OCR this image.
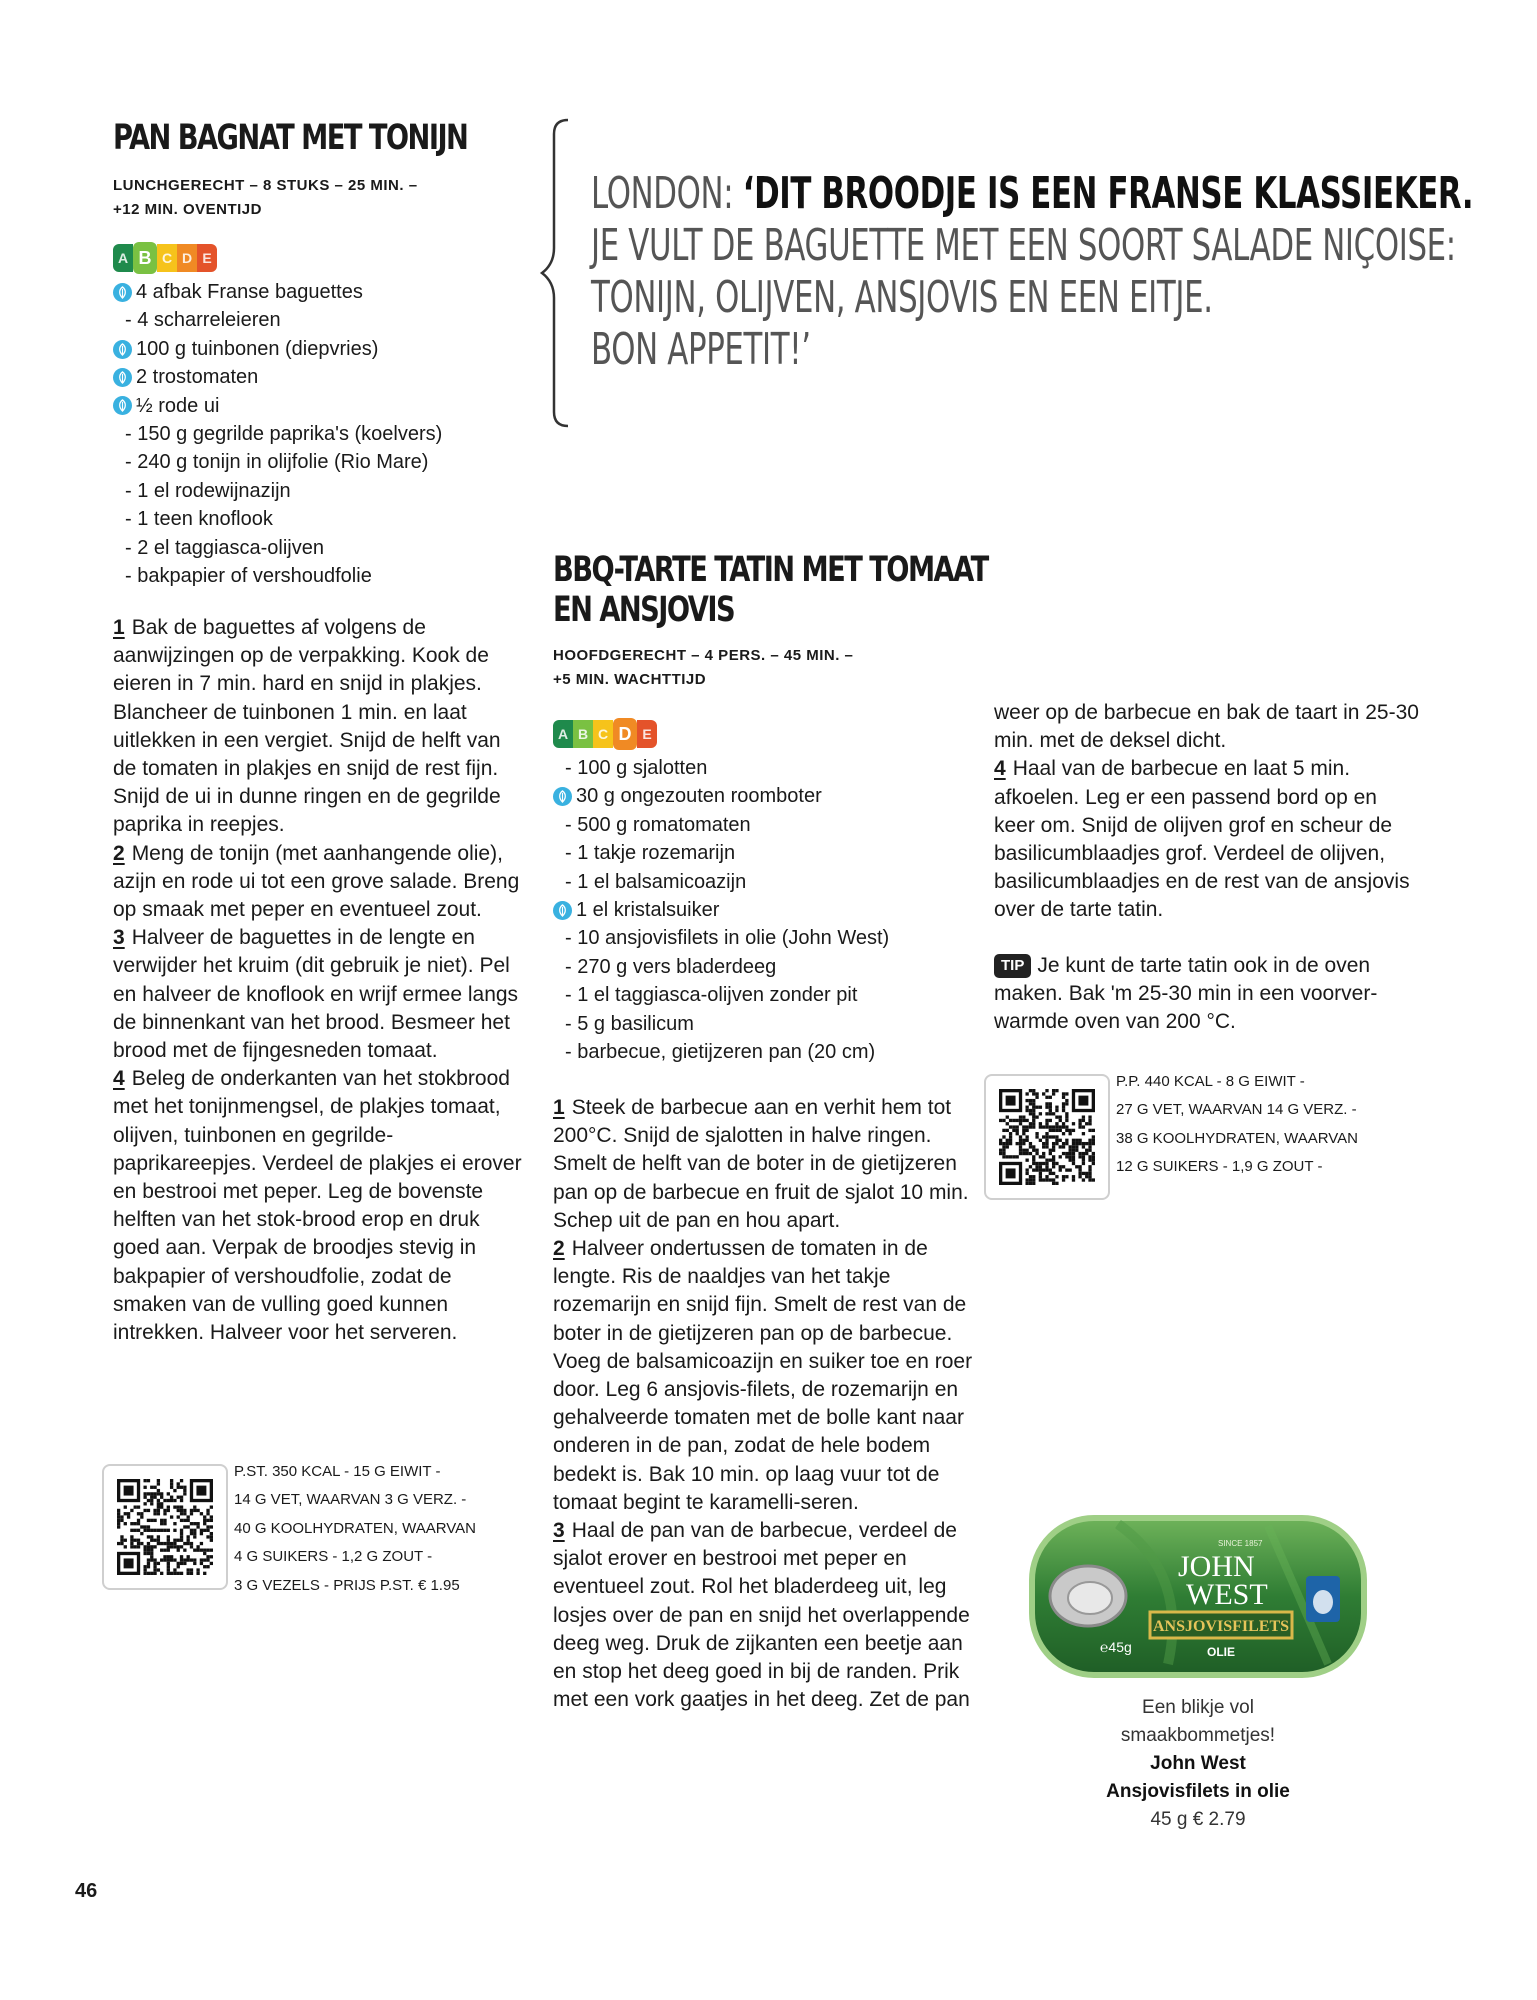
PAN BAGNAT MET TONIJN
LUNCHGERECHT – 8 STUKS – 25 MIN. –
+12 MIN. OVENTIJD
A B C D E
4 afbak Franse baguettes
- 4 scharreleieren
100 g tuinbonen (diepvries)
2 trostomaten
½ rode ui
- 150 g gegrilde paprika's (koelvers)
- 240 g tonijn in olijfolie (Rio Mare)
- 1 el rodewijnazijn
- 1 teen knoflook
- 2 el taggiasca-olijven
- bakpapier of vershoudfolie

1 Bak de baguettes af volgens de aanwijzingen op de verpakking. Kook de eieren in 7 min. hard en snijd in plakjes. Blancheer de tuinbonen 1 min. en laat uitlekken in een vergiet. Snijd de helft van de tomaten in plakjes en snijd de rest fijn. Snijd de ui in dunne ringen en de gegrilde paprika in reepjes.

2 Meng de tonijn (met aanhangende olie), azijn en rode ui tot een grove salade. Breng op smaak met peper en eventueel zout.

3 Halveer de baguettes in de lengte en verwijder het kruim (dit gebruik je niet). Pel en halveer de knoflook en wrijf ermee langs de binnenkant van het brood. Besmeer het brood met de fijngesneden tomaat.

4 Beleg de onderkanten van het stokbrood met het tonijnmengsel, de plakjes tomaat, olijven, tuinbonen en gegrilde-paprikareepjes. Verdeel de plakjes ei erover en bestrooi met peper. Leg de bovenste helften van het stok-brood erop en druk goed aan. Verpak de broodjes stevig in bakpapier of vershoudfolie, zodat de smaken van de vulling goed kunnen intrekken. Halveer voor het serveren.

P.ST. 350 KCAL - 15 G EIWIT -
14 G VET, WAARVAN 3 G VERZ. -
40 G KOOLHYDRATEN, WAARVAN
4 G SUIKERS - 1,2 G ZOUT -
3 G VEZELS - PRIJS P.ST. € 1.95
LONDON: ‘DIT BROODJE IS EEN FRANSE KLASSIEKER.
JE VULT DE BAGUETTE MET EEN SOORT SALADE NIÇOISE:
TONIJN, OLIJVEN, ANSJOVIS EN EEN EITJE.
BON APPETIT!’
BBQ-TARTE TATIN MET TOMAAT
EN ANSJOVIS
HOOFDGERECHT – 4 PERS. – 45 MIN. –
+5 MIN. WACHTTIJD
A B C D E
- 100 g sjalotten
30 g ongezouten roomboter
- 500 g romatomaten
- 1 takje rozemarijn
- 1 el balsamicoazijn
1 el kristalsuiker
- 10 ansjovisfilets in olie (John West)
- 270 g vers bladerdeeg
- 1 el taggiasca-olijven zonder pit
- 5 g basilicum
- barbecue, gietijzeren pan (20 cm)

1 Steek de barbecue aan en verhit hem tot 200°C. Snijd de sjalotten in halve ringen. Smelt de helft van de boter in de gietijzeren pan op de barbecue en fruit de sjalot 10 min. Schep uit de pan en hou apart.

2 Halveer ondertussen de tomaten in de lengte. Ris de naaldjes van het takje rozemarijn en snijd fijn. Smelt de rest van de boter in de gietijzeren pan op de barbecue. Voeg de balsamicoazijn en suiker toe en roer door. Leg 6 ansjovis-filets, de rozemarijn en gehalveerde tomaten met de bolle kant naar onderen in de pan, zodat de hele bodem bedekt is. Bak 10 min. op laag vuur tot de tomaat begint te karamelli-seren.

3 Haal de pan van de barbecue, verdeel de sjalot erover en bestrooi met peper en eventueel zout. Rol het bladerdeeg uit, leg losjes over de pan en snijd het overlappende deeg weg. Druk de zijkanten een beetje aan en stop het deeg goed in bij de randen. Prik met een vork gaatjes in het deeg. Zet de pan

weer op de barbecue en bak de taart in 25-30 min. met de deksel dicht.

4 Haal van de barbecue en laat 5 min. afkoelen. Leg er een passend bord op en keer om. Snijd de olijven grof en scheur de basilicumblaadjes grof. Verdeel de olijven, basilicumblaadjes en de rest van de ansjovis over de tarte tatin.

TIP Je kunt de tarte tatin ook in de oven maken. Bak 'm 25-30 min in een voorver-warmde oven van 200 °C.

P.P. 440 KCAL - 8 G EIWIT -
27 G VET, WAARVAN 14 G VERZ. -
38 G KOOLHYDRATEN, WAARVAN
12 G SUIKERS - 1,9 G ZOUT -
SINCE 1857
JOHN
WEST
ANSJOVISFILETS
OLIE
℮45g
Een blikje vol
smaakbommetjes!
John West
Ansjovisfilets in olie
45 g € 2.79
46
